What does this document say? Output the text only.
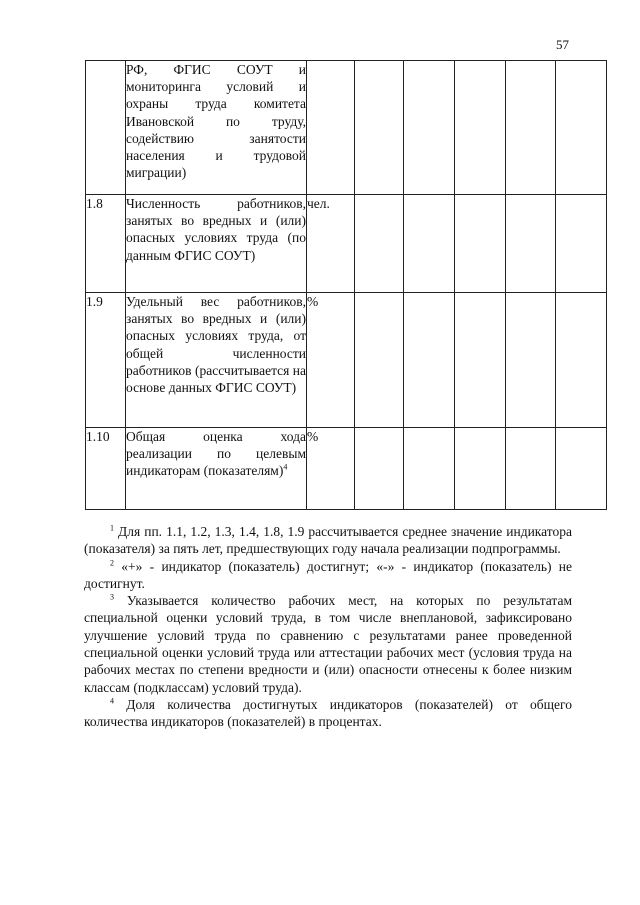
57
	РФ, ФГИС СОУТ и мониторинга условий и охраны труда комитета Ивановской по труду, содействию занятости населения и трудовой миграции)						
1.8	Численность работников, занятых во вредных и (или) опасных условиях труда (по данным ФГИС СОУТ)	чел.					
1.9	Удельный вес работников, занятых во вредных и (или) опасных условиях труда, от общей численности работников (рассчитывается на основе данных ФГИС СОУТ)	%					
1.10	Общая оценка хода реализации по целевым индикаторам (показателям)$^4$	%					

$^1$ Для пп. 1.1, 1.2, 1.3, 1.4, 1.8, 1.9 рассчитывается среднее значение индикатора (показателя) за пять лет, предшествующих году начала реализации подпрограммы.

$^2$ «+» - индикатор (показатель) достигнут; «-» - индикатор (показатель) не достигнут.

$^3$ Указывается количество рабочих мест, на которых по результатам специальной оценки условий труда, в том числе внеплановой, зафиксировано улучшение условий труда по сравнению с результатами ранее проведенной специальной оценки условий труда или аттестации рабочих мест (условия труда на рабочих местах по степени вредности и (или) опасности отнесены к более низким классам (подклассам) условий труда).

$^4$ Доля количества достигнутых индикаторов (показателей) от общего количества индикаторов (показателей) в процентах.
